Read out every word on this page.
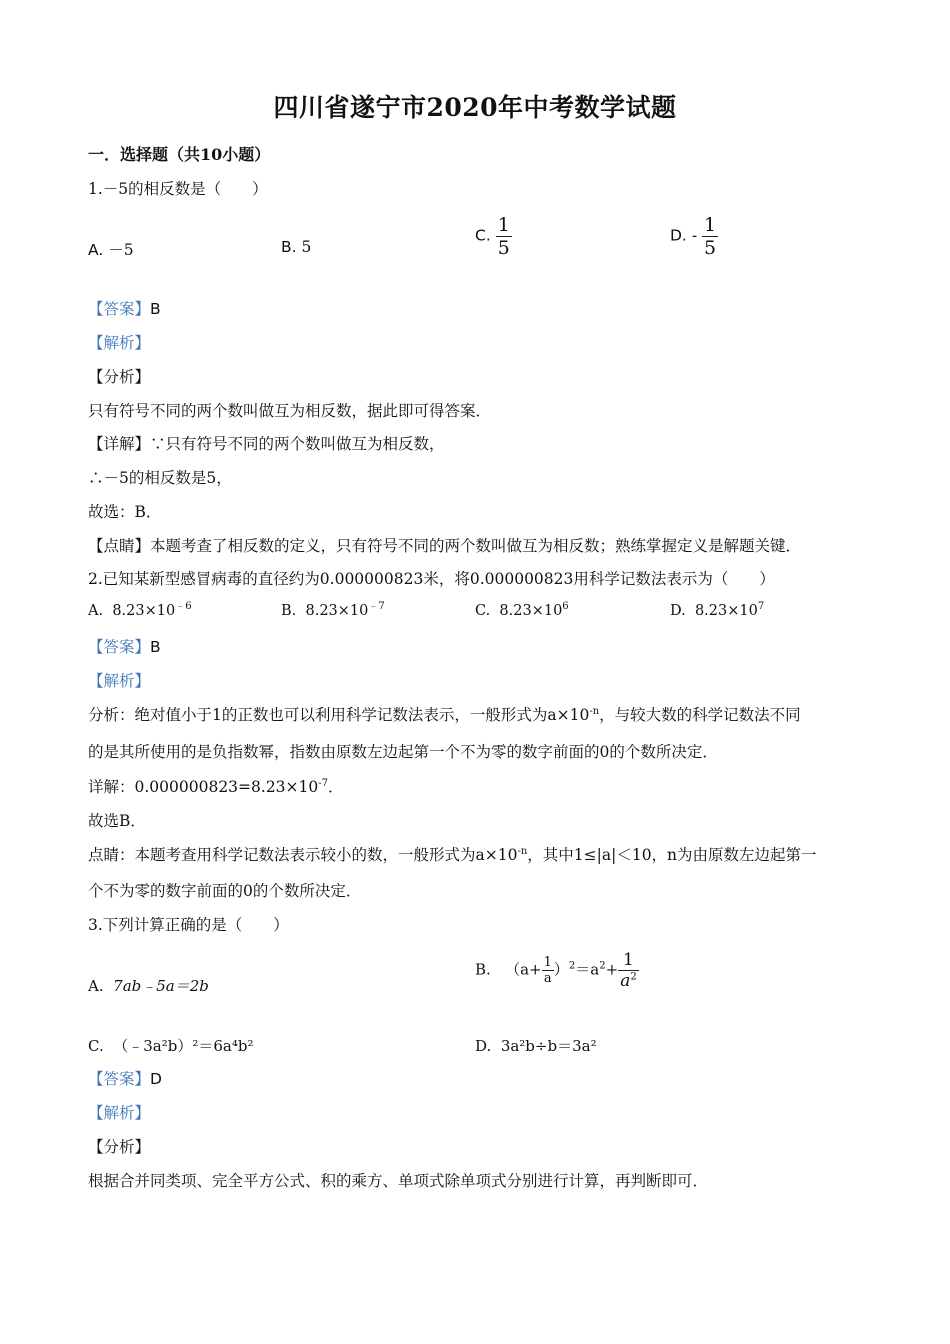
四川省遂宁市2020年中考数学试题
一．选择题（共10小题）
1.－5的相反数是（　　）
A. －5	B. 5
C. $\frac{1}{5}$	D. - $\frac{1}{5}$
【答案】B
【解析】
【分析】
只有符号不同的两个数叫做互为相反数，据此即可得答案．
【详解】∵只有符号不同的两个数叫做互为相反数，
∴－5的相反数是5，
故选：B．
【点睛】本题考查了相反数的定义，只有符号不同的两个数叫做互为相反数；熟练掌握定义是解题关键．
2.已知某新型感冒病毒的直径约为0.000000823米，将0.000000823用科学记数法表示为（　　）
A. $8.23\times 10^{﹣6}$	B. $8.23\times 10^{﹣7}$	C. $8.23\times 10^6$	D. $8.23\times 10^7$
【答案】B
【解析】
分析：绝对值小于1的正数也可以利用科学记数法表示，一般形式为$a\times 10^{-n}$，与较大数的科学记数法不同
的是其所使用的是负指数幂，指数由原数左边起第一个不为零的数字前面的0的个数所决定．
详解：$0.000000823=8.23\times 10^{-7}$．
故选B．
点睛：本题考查用科学记数法表示较小的数，一般形式为$a\times 10^{-n}$，其中1≤|a|＜10，n为由原数左边起第一
个不为零的数字前面的0的个数所决定．
3.下列计算正确的是（　　）
A. 7ab﹣5a＝2b
B. $(a+ \frac{1}{a} )^2=a^2+ \frac{1}{a^2}$
C. （﹣3a²b）²＝6a⁴b²	D. 3a²b÷b＝3a²
【答案】D
【解析】
【分析】
根据合并同类项、完全平方公式、积的乘方、单项式除单项式分别进行计算，再判断即可．
